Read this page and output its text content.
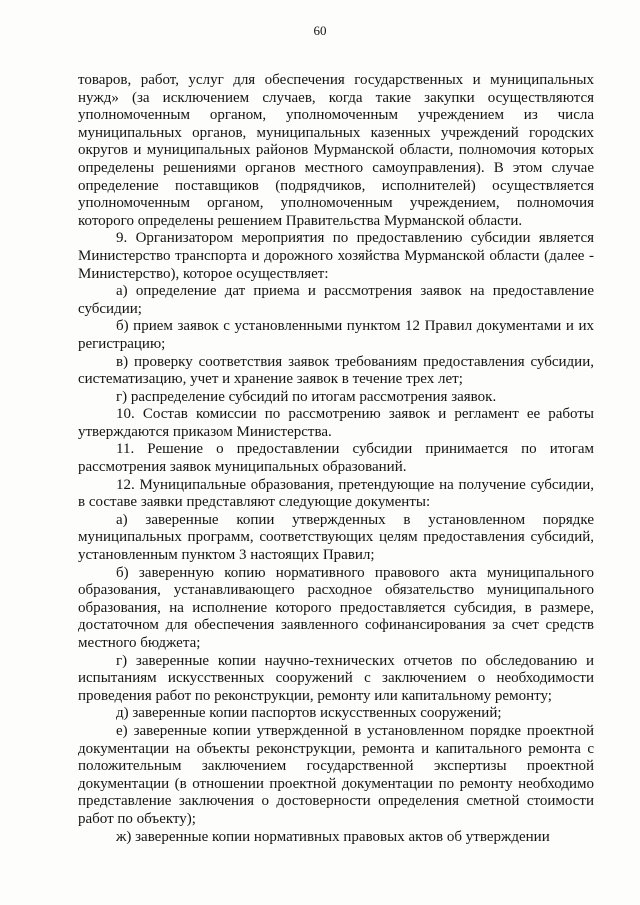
60

товаров, работ, услуг для обеспечения государственных и муниципальных нужд» (за исключением случаев, когда такие закупки осуществляются уполномоченным органом, уполномоченным учреждением из числа муниципальных органов, муниципальных казенных учреждений городских округов и муниципальных районов Мурманской области, полномочия которых определены решениями органов местного самоуправления). В этом случае определение поставщиков (подрядчиков, исполнителей) осуществляется уполномоченным органом, уполномоченным учреждением, полномочия которого определены решением Правительства Мурманской области.

9. Организатором мероприятия по предоставлению субсидии является Министерство транспорта и дорожного хозяйства Мурманской области (далее - Министерство), которое осуществляет:

а) определение дат приема и рассмотрения заявок на предоставление субсидии;

б) прием заявок с установленными пунктом 12 Правил документами и их регистрацию;

в) проверку соответствия заявок требованиям предоставления субсидии, систематизацию, учет и хранение заявок в течение трех лет;

г) распределение субсидий по итогам рассмотрения заявок.

10. Состав комиссии по рассмотрению заявок и регламент ее работы утверждаются приказом Министерства.

11. Решение о предоставлении субсидии принимается по итогам рассмотрения заявок муниципальных образований.

12. Муниципальные образования, претендующие на получение субсидии, в составе заявки представляют следующие документы:

а) заверенные копии утвержденных в установленном порядке муниципальных программ, соответствующих целям предоставления субсидий, установленным пунктом 3 настоящих Правил;

б) заверенную копию нормативного правового акта муниципального образования, устанавливающего расходное обязательство муниципального образования, на исполнение которого предоставляется субсидия, в размере, достаточном для обеспечения заявленного софинансирования за счет средств местного бюджета;

г) заверенные копии научно-технических отчетов по обследованию и испытаниям искусственных сооружений с заключением о необходимости проведения работ по реконструкции, ремонту или капитальному ремонту;

д) заверенные копии паспортов искусственных сооружений;

е) заверенные копии утвержденной в установленном порядке проектной документации на объекты реконструкции, ремонта и капитального ремонта с положительным заключением государственной экспертизы проектной документации (в отношении проектной документации по ремонту необходимо представление заключения о достоверности определения сметной стоимости работ по объекту);

ж) заверенные копии нормативных правовых актов об утверждении
